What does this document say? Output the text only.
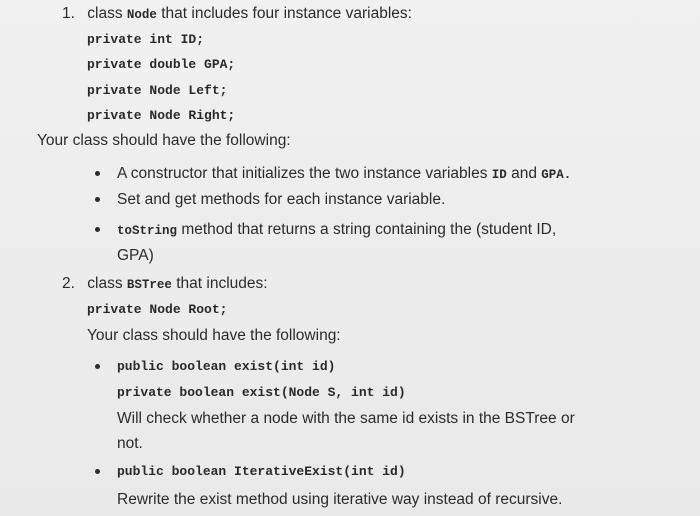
1. class Node that includes four instance variables:
private int ID;
private double GPA;
private Node Left;
private Node Right;
Your class should have the following:
A constructor that initializes the two instance variables ID and GPA.
Set and get methods for each instance variable.
toString method that returns a string containing the (student ID,
GPA)
2. class BSTree that includes:
private Node Root;
Your class should have the following:
public boolean exist(int id)
private boolean exist(Node S, int id)
Will check whether a node with the same id exists in the BSTree or
not.
public boolean IterativeExist(int id)
Rewrite the exist method using iterative way instead of recursive.
